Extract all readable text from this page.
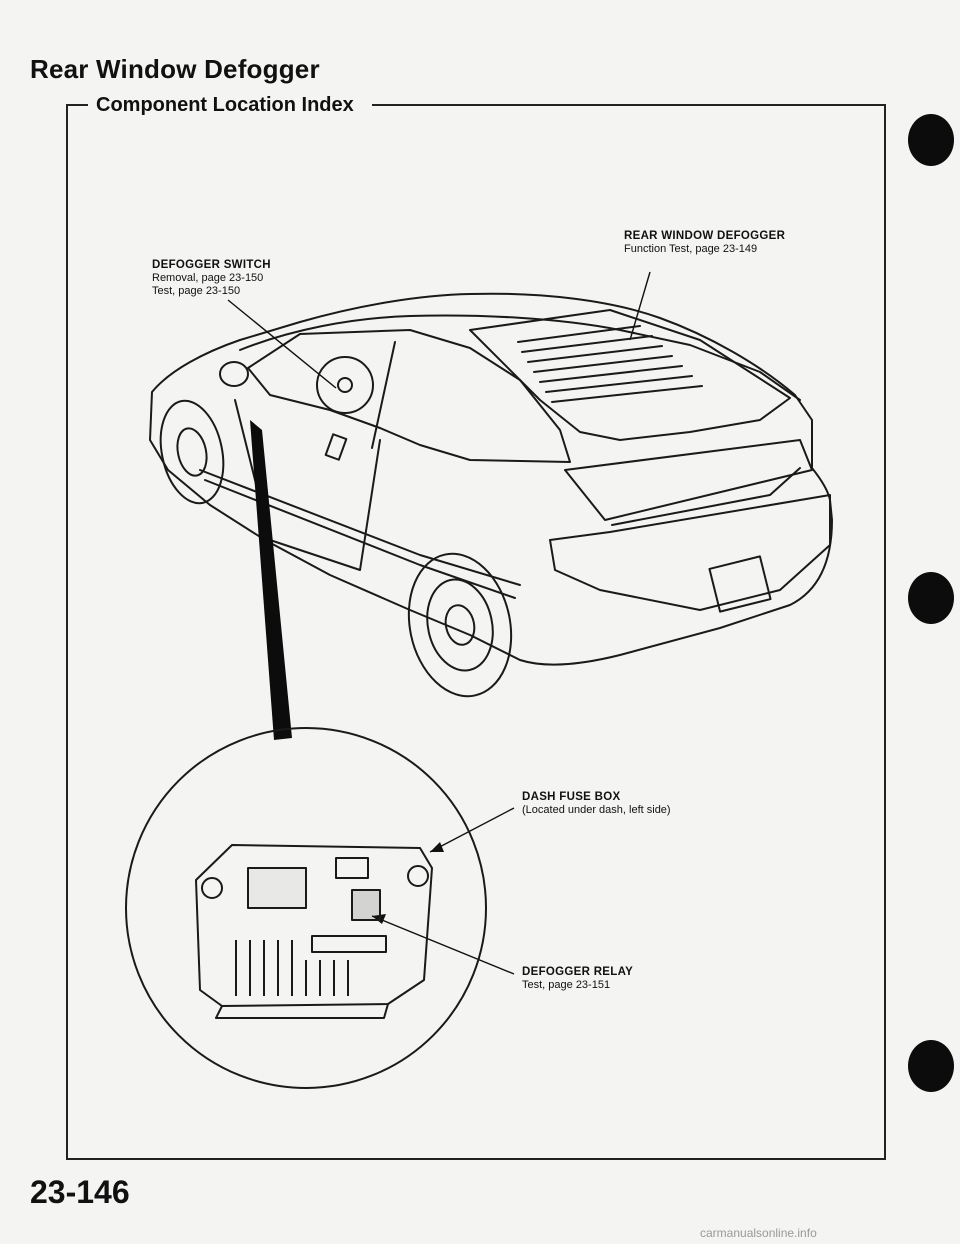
Rear Window Defogger
Component Location Index
DEFOGGER SWITCH
Removal, page 23-150
Test, page 23-150
REAR WINDOW DEFOGGER
Function Test, page 23-149
DASH FUSE BOX
(Located under dash, left side)
DEFOGGER RELAY
Test, page 23-151
23-146
carmanualsonline.info
